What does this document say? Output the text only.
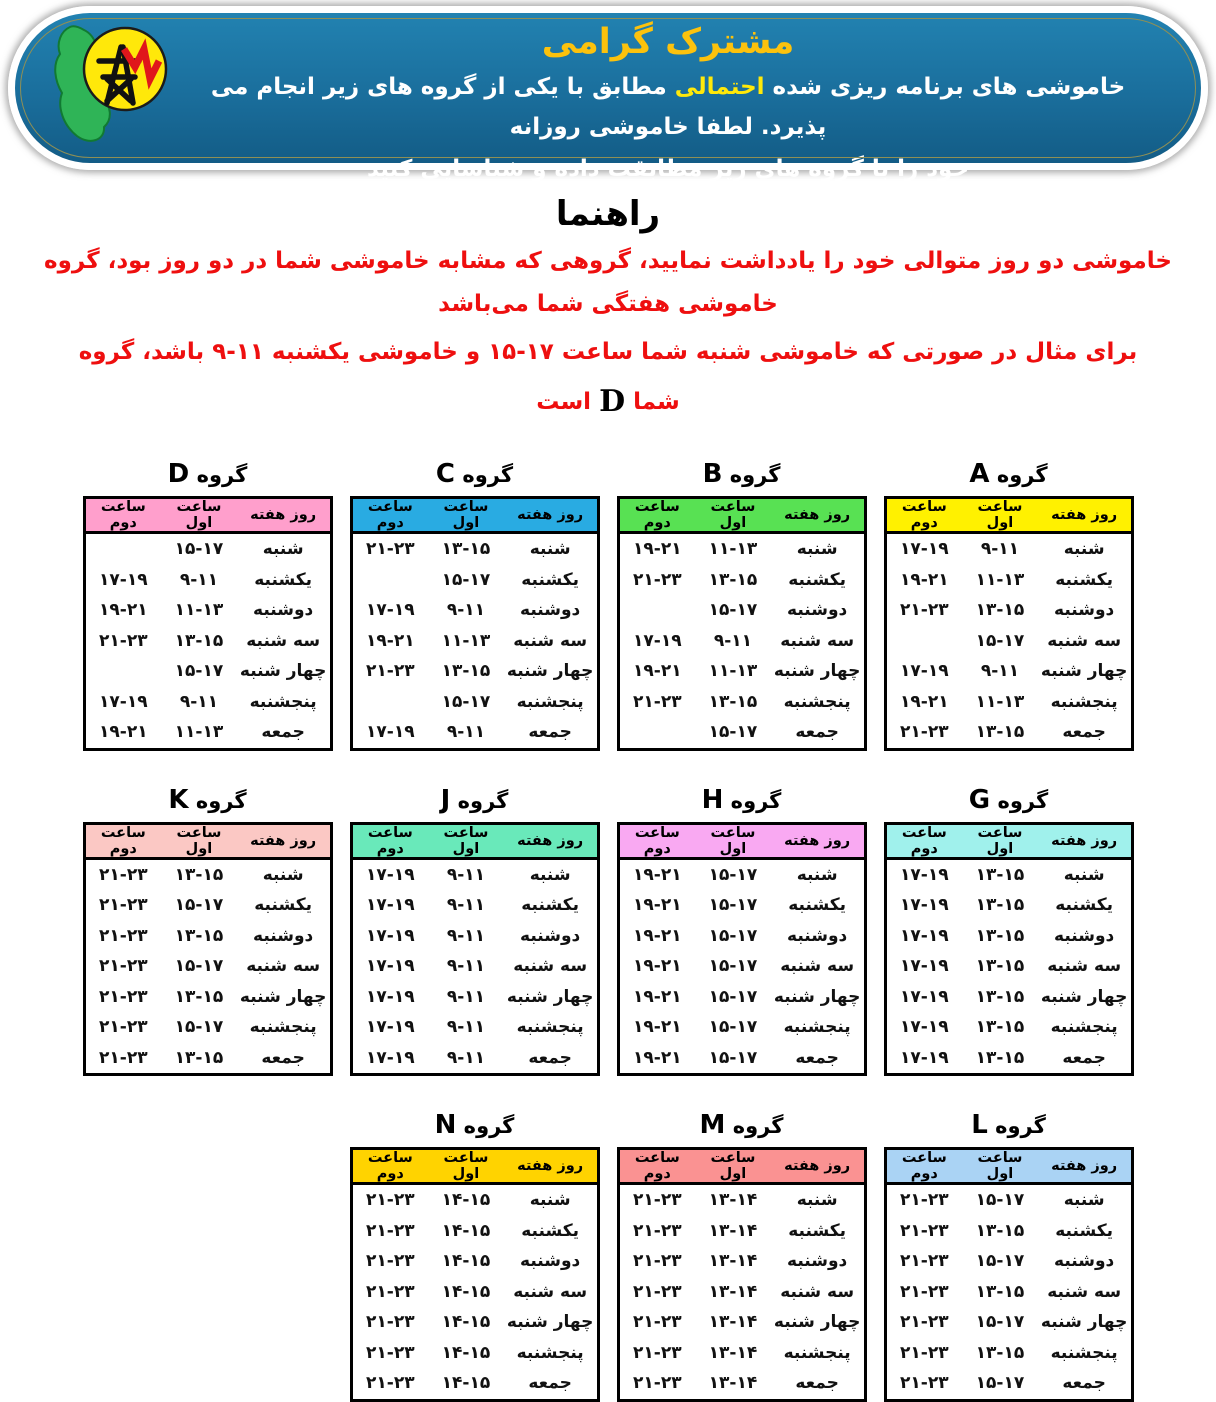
مشترک گرامی

خاموشی های برنامه ریزی شده احتمالی مطابق با یکی از گروه های زیر انجام می پذیرد. لطفا خاموشی روزانه

خود را با گروه های زیر مطابقت داده و شناسایی کنید

راهنما
خاموشی دو روز متوالی خود را یادداشت نمایید، گروهی که مشابه خاموشی شما در دو روز بود، گروه خاموشی هفتگی شما می‌باشد
برای مثال در صورتی که خاموشی شنبه شما ساعت ۱۷-۱۵ و خاموشی یکشنبه ۱۱-۹ باشد، گروه شماDاست
گروه A
روز هفته	ساعت اول	ساعت دوم
شنبه	۹-۱۱	۱۷-۱۹
یکشنبه	۱۱-۱۳	۱۹-۲۱
دوشنبه	۱۳-۱۵	۲۱-۲۳
سه شنبه	۱۵-۱۷	
چهار شنبه	۹-۱۱	۱۷-۱۹
پنجشنبه	۱۱-۱۳	۱۹-۲۱
جمعه	۱۳-۱۵	۲۱-۲۳
گروه B
روز هفته	ساعت اول	ساعت دوم
شنبه	۱۱-۱۳	۱۹-۲۱
یکشنبه	۱۳-۱۵	۲۱-۲۳
دوشنبه	۱۵-۱۷	
سه شنبه	۹-۱۱	۱۷-۱۹
چهار شنبه	۱۱-۱۳	۱۹-۲۱
پنجشنبه	۱۳-۱۵	۲۱-۲۳
جمعه	۱۵-۱۷	
گروه C
روز هفته	ساعت اول	ساعت دوم
شنبه	۱۳-۱۵	۲۱-۲۳
یکشنبه	۱۵-۱۷	
دوشنبه	۹-۱۱	۱۷-۱۹
سه شنبه	۱۱-۱۳	۱۹-۲۱
چهار شنبه	۱۳-۱۵	۲۱-۲۳
پنجشنبه	۱۵-۱۷	
جمعه	۹-۱۱	۱۷-۱۹
گروه D
روز هفته	ساعت اول	ساعت دوم
شنبه	۱۵-۱۷	
یکشنبه	۹-۱۱	۱۷-۱۹
دوشنبه	۱۱-۱۳	۱۹-۲۱
سه شنبه	۱۳-۱۵	۲۱-۲۳
چهار شنبه	۱۵-۱۷	
پنجشنبه	۹-۱۱	۱۷-۱۹
جمعه	۱۱-۱۳	۱۹-۲۱
گروه G
روز هفته	ساعت اول	ساعت دوم
شنبه	۱۳-۱۵	۱۷-۱۹
یکشنبه	۱۳-۱۵	۱۷-۱۹
دوشنبه	۱۳-۱۵	۱۷-۱۹
سه شنبه	۱۳-۱۵	۱۷-۱۹
چهار شنبه	۱۳-۱۵	۱۷-۱۹
پنجشنبه	۱۳-۱۵	۱۷-۱۹
جمعه	۱۳-۱۵	۱۷-۱۹
گروه H
روز هفته	ساعت اول	ساعت دوم
شنبه	۱۵-۱۷	۱۹-۲۱
یکشنبه	۱۵-۱۷	۱۹-۲۱
دوشنبه	۱۵-۱۷	۱۹-۲۱
سه شنبه	۱۵-۱۷	۱۹-۲۱
چهار شنبه	۱۵-۱۷	۱۹-۲۱
پنجشنبه	۱۵-۱۷	۱۹-۲۱
جمعه	۱۵-۱۷	۱۹-۲۱
گروه J
روز هفته	ساعت اول	ساعت دوم
شنبه	۹-۱۱	۱۷-۱۹
یکشنبه	۹-۱۱	۱۷-۱۹
دوشنبه	۹-۱۱	۱۷-۱۹
سه شنبه	۹-۱۱	۱۷-۱۹
چهار شنبه	۹-۱۱	۱۷-۱۹
پنجشنبه	۹-۱۱	۱۷-۱۹
جمعه	۹-۱۱	۱۷-۱۹
گروه K
روز هفته	ساعت اول	ساعت دوم
شنبه	۱۳-۱۵	۲۱-۲۳
یکشنبه	۱۵-۱۷	۲۱-۲۳
دوشنبه	۱۳-۱۵	۲۱-۲۳
سه شنبه	۱۵-۱۷	۲۱-۲۳
چهار شنبه	۱۳-۱۵	۲۱-۲۳
پنجشنبه	۱۵-۱۷	۲۱-۲۳
جمعه	۱۳-۱۵	۲۱-۲۳
گروه L
روز هفته	ساعت اول	ساعت دوم
شنبه	۱۵-۱۷	۲۱-۲۳
یکشنبه	۱۳-۱۵	۲۱-۲۳
دوشنبه	۱۵-۱۷	۲۱-۲۳
سه شنبه	۱۳-۱۵	۲۱-۲۳
چهار شنبه	۱۵-۱۷	۲۱-۲۳
پنجشنبه	۱۳-۱۵	۲۱-۲۳
جمعه	۱۵-۱۷	۲۱-۲۳
گروه M
روز هفته	ساعت اول	ساعت دوم
شنبه	۱۳-۱۴	۲۱-۲۳
یکشنبه	۱۳-۱۴	۲۱-۲۳
دوشنبه	۱۳-۱۴	۲۱-۲۳
سه شنبه	۱۳-۱۴	۲۱-۲۳
چهار شنبه	۱۳-۱۴	۲۱-۲۳
پنجشنبه	۱۳-۱۴	۲۱-۲۳
جمعه	۱۳-۱۴	۲۱-۲۳
گروه N
روز هفته	ساعت اول	ساعت دوم
شنبه	۱۴-۱۵	۲۱-۲۳
یکشنبه	۱۴-۱۵	۲۱-۲۳
دوشنبه	۱۴-۱۵	۲۱-۲۳
سه شنبه	۱۴-۱۵	۲۱-۲۳
چهار شنبه	۱۴-۱۵	۲۱-۲۳
پنجشنبه	۱۴-۱۵	۲۱-۲۳
جمعه	۱۴-۱۵	۲۱-۲۳
